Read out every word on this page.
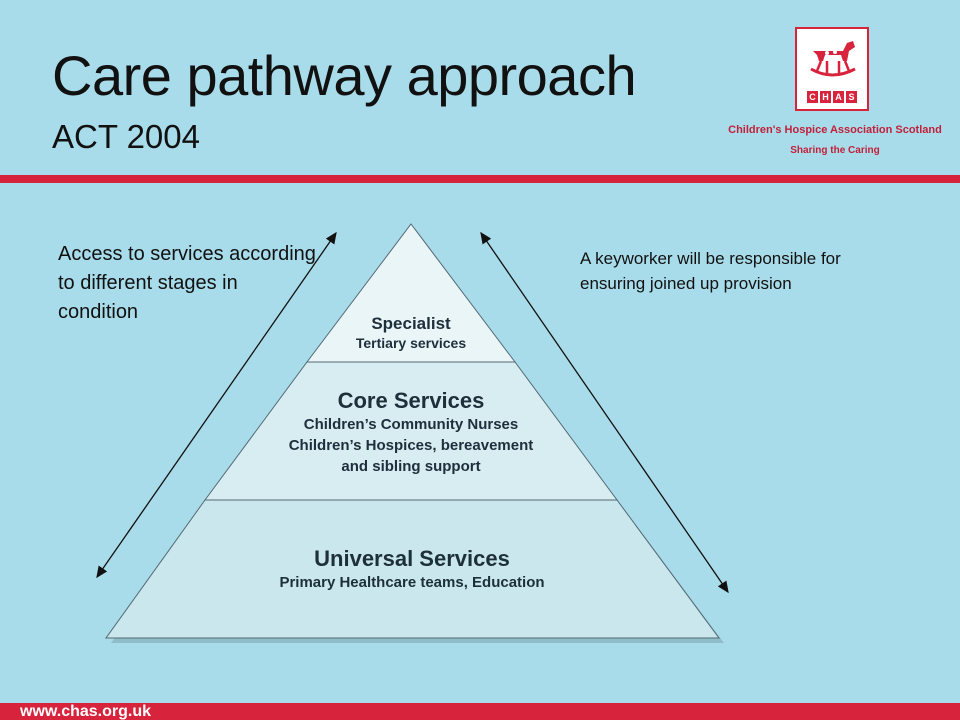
Care pathway approach
ACT 2004
C H A S
Children's Hospice Association Scotland
Sharing the Caring
Access to services according to different stages in condition
A keyworker will be responsible for ensuring joined up provision
Specialist
Tertiary services
Core Services
Children’s Community Nurses
Children’s Hospices, bereavement
and sibling support
Universal Services
Primary Healthcare teams, Education
www.chas.org.uk
